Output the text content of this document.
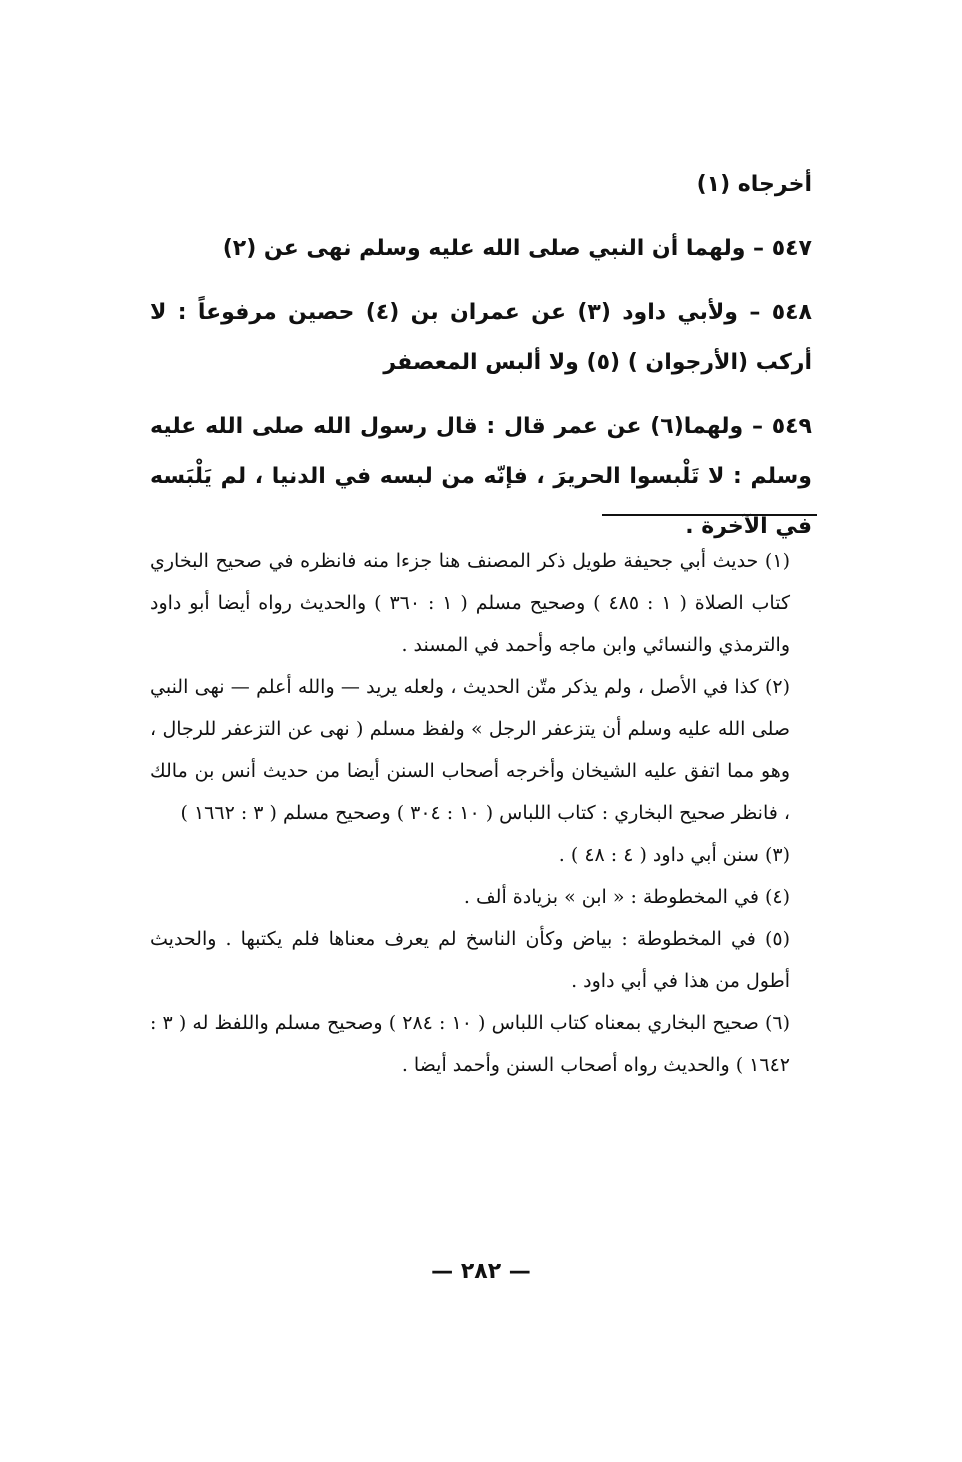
أخرجاه (١)

٥٤٧ – ولهما أن النبي صلى الله عليه وسلم نهى عن (٢)

٥٤٨ – ولأبي داود (٣) عن عمران بن (٤) حصين مرفوعاً : لا أركب (الأرجوان ) (٥) ولا ألبس المعصفر

٥٤٩ – ولهما(٦) عن عمر قال : قال رسول الله صلى الله عليه وسلم : لا تَلْبسوا الحريرَ ، فإنّه من لبسه في الدنيا ، لم يَلْبَسه في الآخرة .

(١) حديث أبي جحيفة طويل ذكر المصنف هنا جزءا منه فانظره في صحيح البخاري كتاب الصلاة ( ١ : ٤٨٥ ) وصحيح مسلم ( ١ : ٣٦٠ ) والحديث رواه أيضا أبو داود والترمذي والنسائي وابن ماجه وأحمد في المسند .

(٢) كذا في الأصل ، ولم يذكر متّن الحديث ، ولعله يريد — والله أعلم — نهى النبي صلى الله عليه وسلم أن يتزعفر الرجل » ولفظ مسلم ( نهى عن التزعفر للرجال ، وهو مما اتفق عليه الشيخان وأخرجه أصحاب السنن أيضا من حديث أنس بن مالك ، فانظر صحيح البخاري : كتاب اللباس ( ١٠ : ٣٠٤ ) وصحيح مسلم ( ٣ : ١٦٦٢ )

(٣) سنن أبي داود ( ٤ : ٤٨ ) .

(٤) في المخطوطة : « ابن » بزيادة ألف .

(٥) في المخطوطة : بياض وكأن الناسخ لم يعرف معناها فلم يكتبها . والحديث أطول من هذا في أبي داود .

(٦) صحيح البخاري بمعناه كتاب اللباس ( ١٠ : ٢٨٤ ) وصحيح مسلم واللفظ له ( ٣ : ١٦٤٢ ) والحديث رواه أصحاب السنن وأحمد أيضا .

— ٢٨٢ —
